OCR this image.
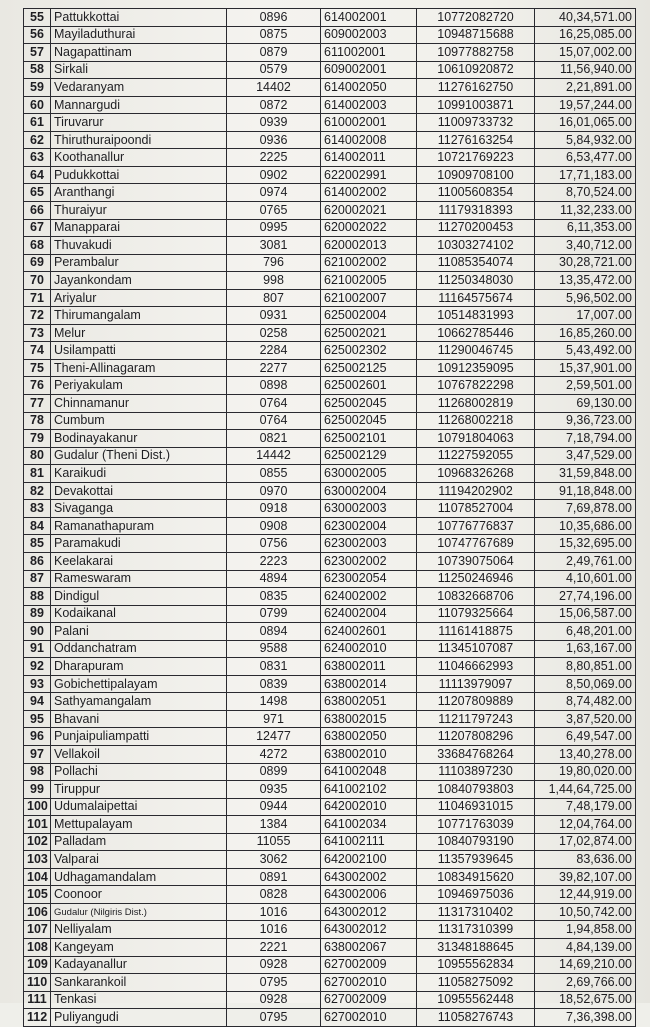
55	Pattukkottai	0896	614002001	10772082720	40,34,571.00
56	Mayiladuthurai	0875	609002003	10948715688	16,25,085.00
57	Nagapattinam	0879	611002001	10977882758	15,07,002.00
58	Sirkali	0579	609002001	10610920872	11,56,940.00
59	Vedaranyam	14402	614002050	11276162750	2,21,891.00
60	Mannargudi	0872	614002003	10991003871	19,57,244.00
61	Tiruvarur	0939	610002001	11009733732	16,01,065.00
62	Thiruthuraipoondi	0936	614002008	11276163254	5,84,932.00
63	Koothanallur	2225	614002011	10721769223	6,53,477.00
64	Pudukkottai	0902	622002991	10909708100	17,71,183.00
65	Aranthangi	0974	614002002	11005608354	8,70,524.00
66	Thuraiyur	0765	620002021	11179318393	11,32,233.00
67	Manapparai	0995	620002022	11270200453	6,11,353.00
68	Thuvakudi	3081	620002013	10303274102	3,40,712.00
69	Perambalur	796	621002002	11085354074	30,28,721.00
70	Jayankondam	998	621002005	11250348030	13,35,472.00
71	Ariyalur	807	621002007	11164575674	5,96,502.00
72	Thirumangalam	0931	625002004	10514831993	17,007.00
73	Melur	0258	625002021	10662785446	16,85,260.00
74	Usilampatti	2284	625002302	11290046745	5,43,492.00
75	Theni-Allinagaram	2277	625002125	10912359095	15,37,901.00
76	Periyakulam	0898	625002601	10767822298	2,59,501.00
77	Chinnamanur	0764	625002045	11268002819	69,130.00
78	Cumbum	0764	625002045	11268002218	9,36,723.00
79	Bodinayakanur	0821	625002101	10791804063	7,18,794.00
80	Gudalur (Theni Dist.)	14442	625002129	11227592055	3,47,529.00
81	Karaikudi	0855	630002005	10968326268	31,59,848.00
82	Devakottai	0970	630002004	11194202902	91,18,848.00
83	Sivaganga	0918	630002003	11078527004	7,69,878.00
84	Ramanathapuram	0908	623002004	10776776837	10,35,686.00
85	Paramakudi	0756	623002003	10747767689	15,32,695.00
86	Keelakarai	2223	623002002	10739075064	2,49,761.00
87	Rameswaram	4894	623002054	11250246946	4,10,601.00
88	Dindigul	0835	624002002	10832668706	27,74,196.00
89	Kodaikanal	0799	624002004	11079325664	15,06,587.00
90	Palani	0894	624002601	11161418875	6,48,201.00
91	Oddanchatram	9588	624002010	11345107087	1,63,167.00
92	Dharapuram	0831	638002011	11046662993	8,80,851.00
93	Gobichettipalayam	0839	638002014	11113979097	8,50,069.00
94	Sathyamangalam	1498	638002051	11207809889	8,74,482.00
95	Bhavani	971	638002015	11211797243	3,87,520.00
96	Punjaipuliampatti	12477	638002050	11207808296	6,49,547.00
97	Vellakoil	4272	638002010	33684768264	13,40,278.00
98	Pollachi	0899	641002048	11103897230	19,80,020.00
99	Tiruppur	0935	641002102	10840793803	1,44,64,725.00
100	Udumalaipettai	0944	642002010	11046931015	7,48,179.00
101	Mettupalayam	1384	641002034	10771763039	12,04,764.00
102	Palladam	11055	641002111	10840793190	17,02,874.00
103	Valparai	3062	642002100	11357939645	83,636.00
104	Udhagamandalam	0891	643002002	10834915620	39,82,107.00
105	Coonoor	0828	643002006	10946975036	12,44,919.00
106	Gudalur (Nilgiris Dist.)	1016	643002012	11317310402	10,50,742.00
107	Nelliyalam	1016	643002012	11317310399	1,94,858.00
108	Kangeyam	2221	638002067	31348188645	4,84,139.00
109	Kadayanallur	0928	627002009	10955562834	14,69,210.00
110	Sankarankoil	0795	627002010	11058275092	2,69,766.00
111	Tenkasi	0928	627002009	10955562448	18,52,675.00
112	Puliyangudi	0795	627002010	11058276743	7,36,398.00
